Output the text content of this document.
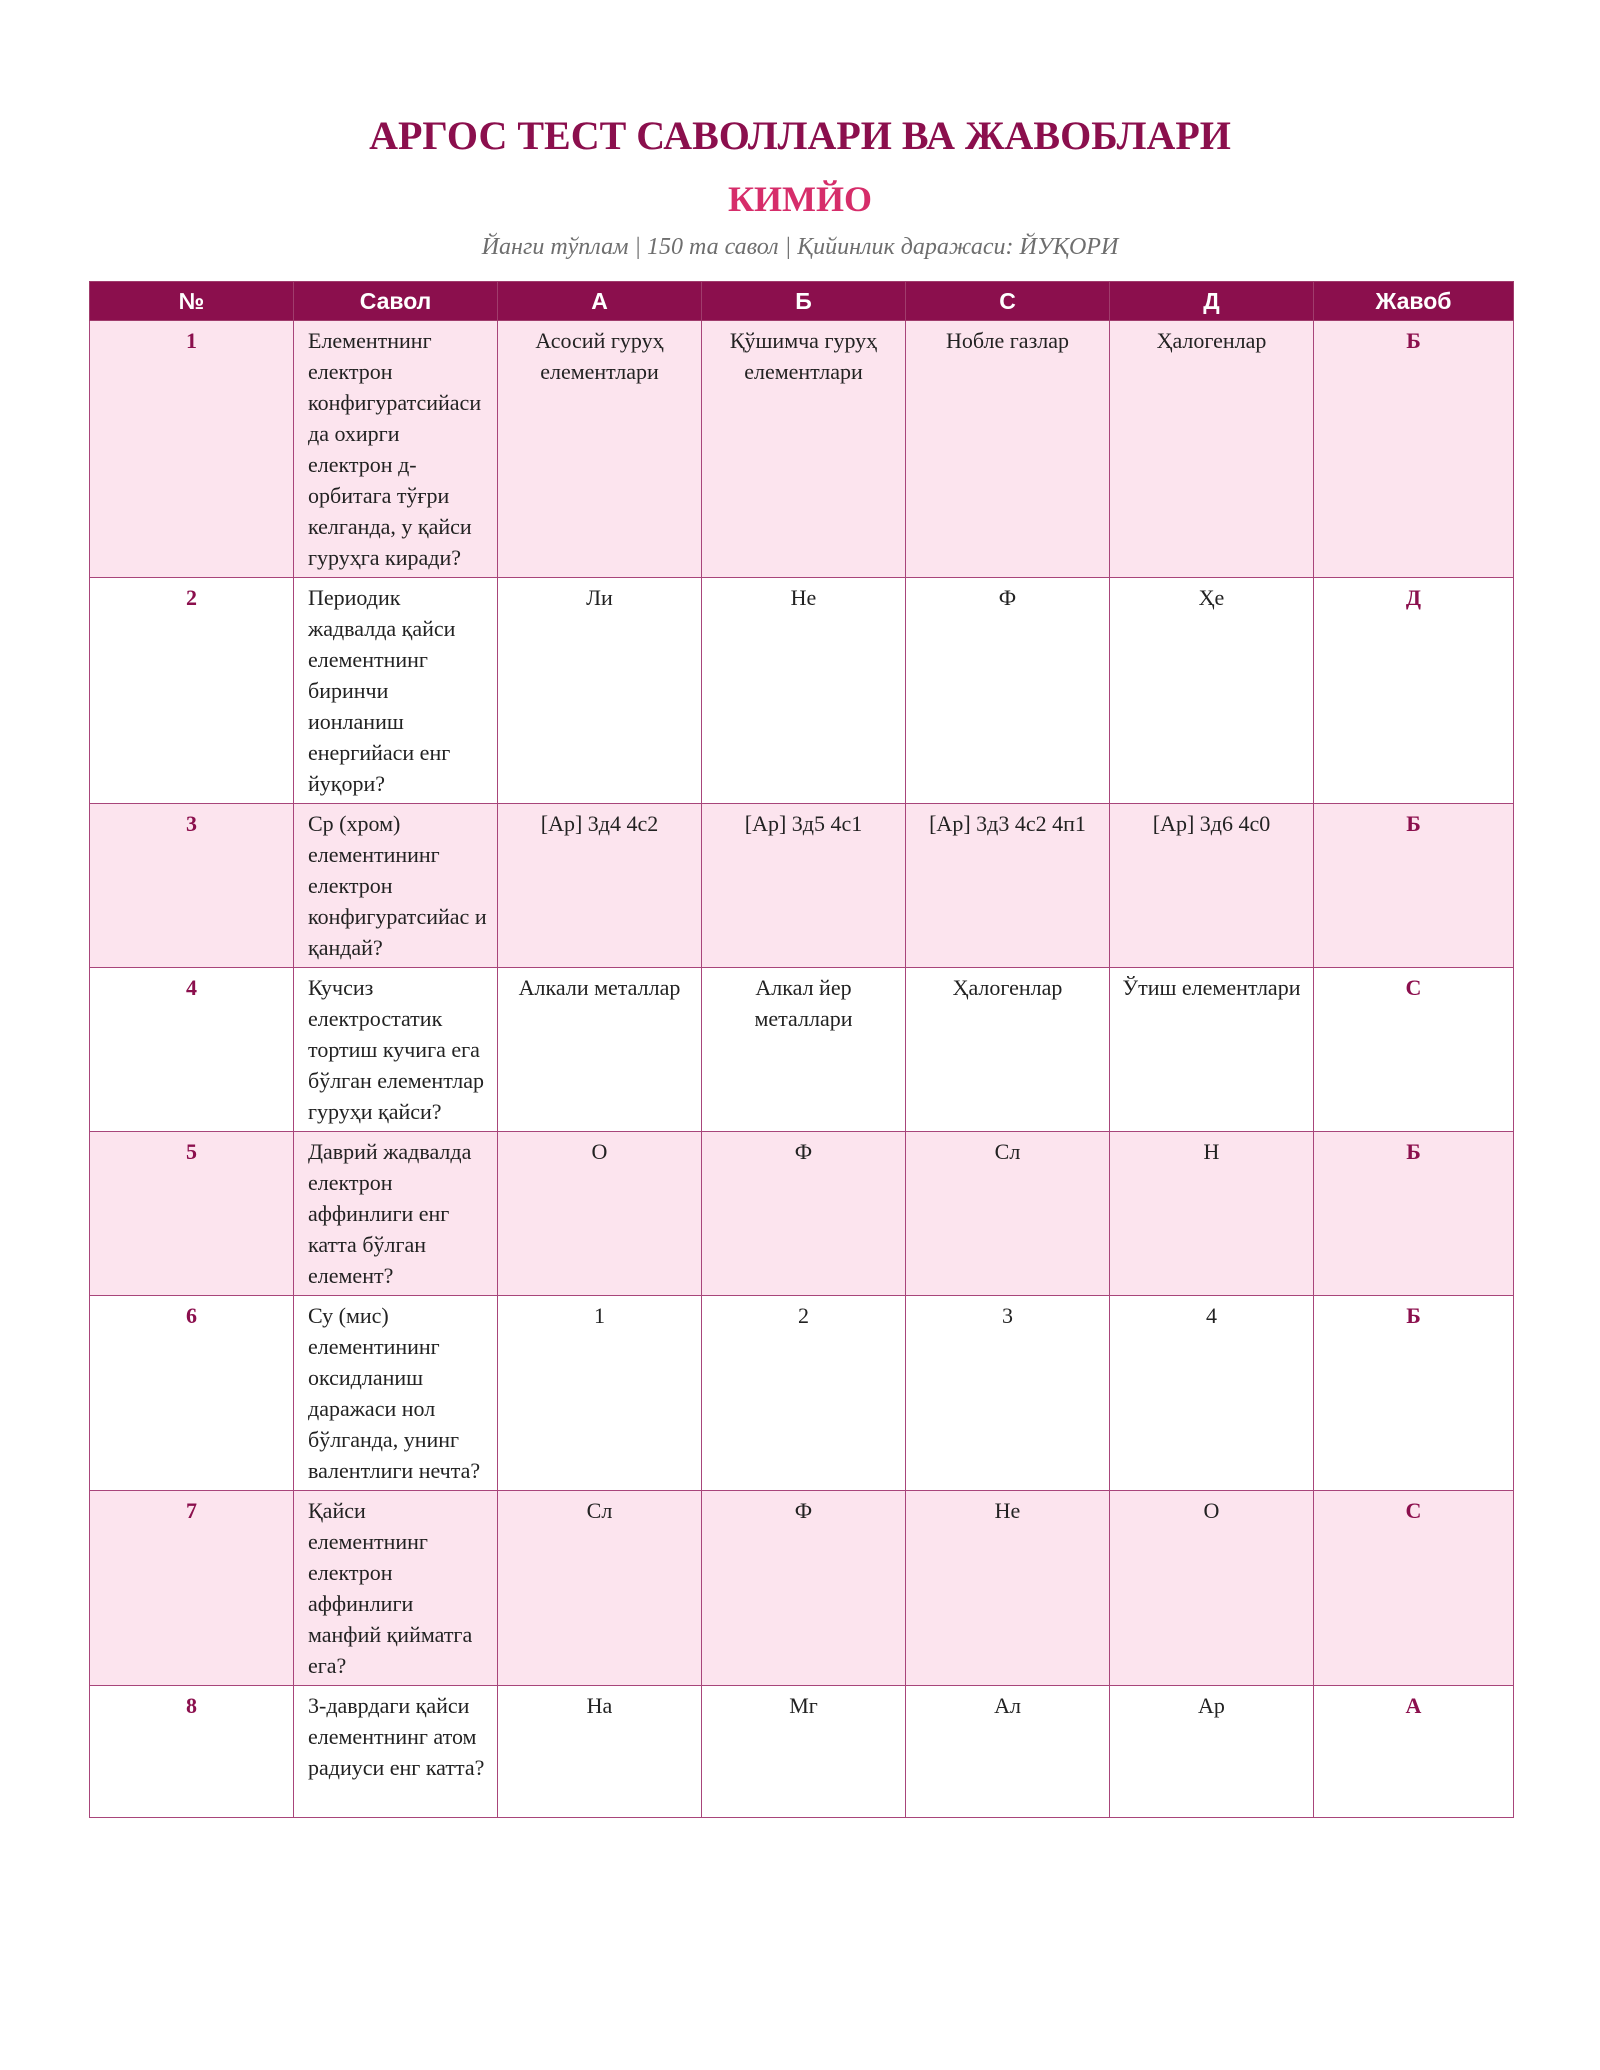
АРГОС ТЕСТ САВОЛЛАРИ ВА ЖАВОБЛАРИ
КИМЙО

Йанги тўплам | 150 та савол | Қийинлик даражаси: ЙУҚОРИ

№	Савол	А	Б	С	Д	Жавоб
1	Елементнинг електрон конфигуратсийаси да охирги електрон д-орбитага тўғри келганда, у қайси гуруҳга киради?	Асосий гуруҳ елементлари	Қўшимча гуруҳ елементлари	Нобле газлар	Ҳалогенлар	Б
2	Периодик жадвалда қайси елементнинг биринчи ионланиш енергийаси енг йуқори?	Ли	Не	Ф	Ҳе	Д
3	Ср (хром) елементининг електрон конфигуратсийас и қандай?	[Ар] 3д4 4с2	[Ар] 3д5 4с1	[Ар] 3д3 4с2 4п1	[Ар] 3д6 4с0	Б
4	Кучсиз електростатик тортиш кучига ега бўлган елементлар гуруҳи қайси?	Алкали металлар	Алкал йер металлари	Ҳалогенлар	Ўтиш елементлари	С
5	Даврий жадвалда електрон аффинлиги енг катта бўлган елемент?	О	Ф	Сл	Н	Б
6	Су (мис) елементининг оксидланиш даражаси нол бўлганда, унинг валентлиги нечта?	1	2	3	4	Б
7	Қайси елементнинг електрон аффинлиги манфий қийматга ега?	Сл	Ф	Не	О	С
8	3-даврдаги қайси елементнинг атом радиуси енг катта?	На	Мг	Ал	Ар	А
